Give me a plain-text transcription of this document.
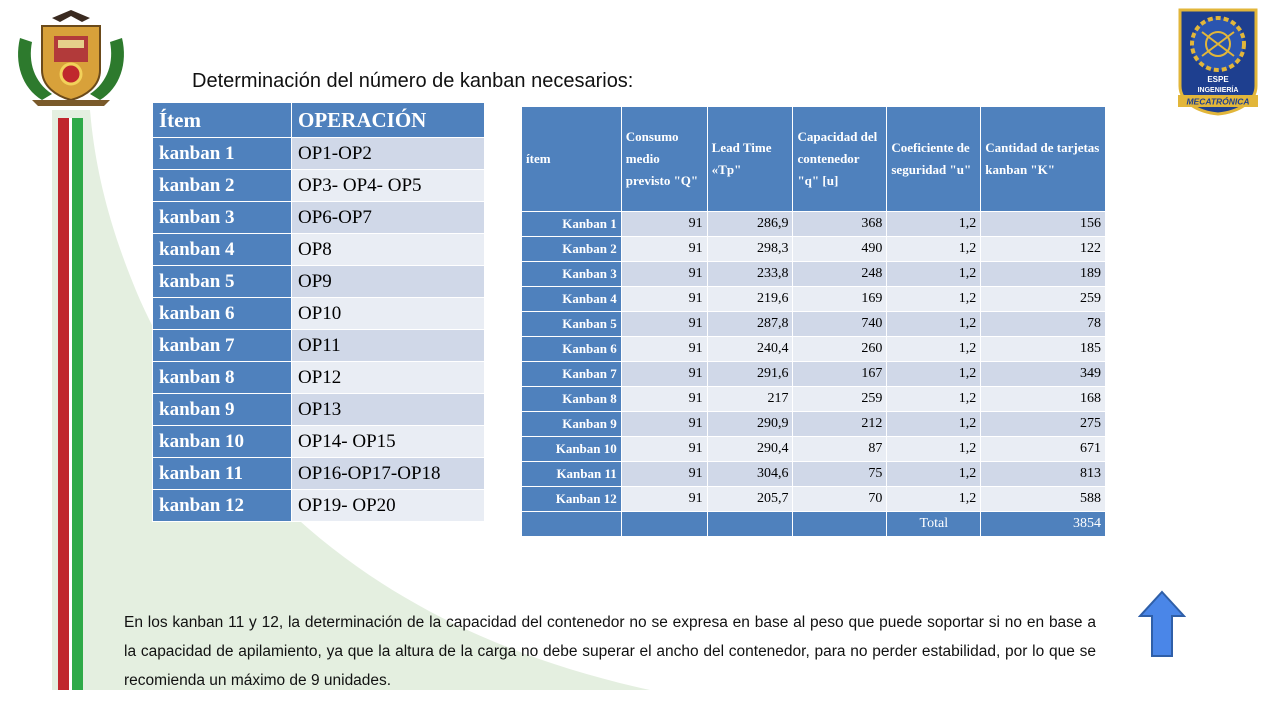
ESPE
INGENIERÍA
MECATRÓNICA
Determinación del número de kanban necesarios:
Ítem	OPERACIÓN
kanban 1	OP1-OP2
kanban 2	OP3- OP4- OP5
kanban 3	OP6-OP7
kanban 4	OP8
kanban 5	OP9
kanban 6	OP10
kanban 7	OP11
kanban 8	OP12
kanban 9	OP13
kanban 10	OP14- OP15
kanban 11	OP16-OP17-OP18
kanban 12	OP19- OP20
ítem	Consumo medio previsto "Q"	Lead Time «Tp"	Capacidad del contenedor "q" [u]	Coeficiente de seguridad "u"	Cantidad de tarjetas kanban "K"
Kanban 1	91	286,9	368	1,2	156
Kanban 2	91	298,3	490	1,2	122
Kanban 3	91	233,8	248	1,2	189
Kanban 4	91	219,6	169	1,2	259
Kanban 5	91	287,8	740	1,2	78
Kanban 6	91	240,4	260	1,2	185
Kanban 7	91	291,6	167	1,2	349
Kanban 8	91	217	259	1,2	168
Kanban 9	91	290,9	212	1,2	275
Kanban 10	91	290,4	87	1,2	671
Kanban 11	91	304,6	75	1,2	813
Kanban 12	91	205,7	70	1,2	588
				Total	3854
En los kanban 11 y 12, la determinación de la capacidad del contenedor no se expresa en base al peso que puede soportar si no en base a la capacidad de apilamiento, ya que la altura de la carga no debe superar el ancho del contenedor, para no perder estabilidad, por lo que se recomienda un máximo de 9 unidades.
